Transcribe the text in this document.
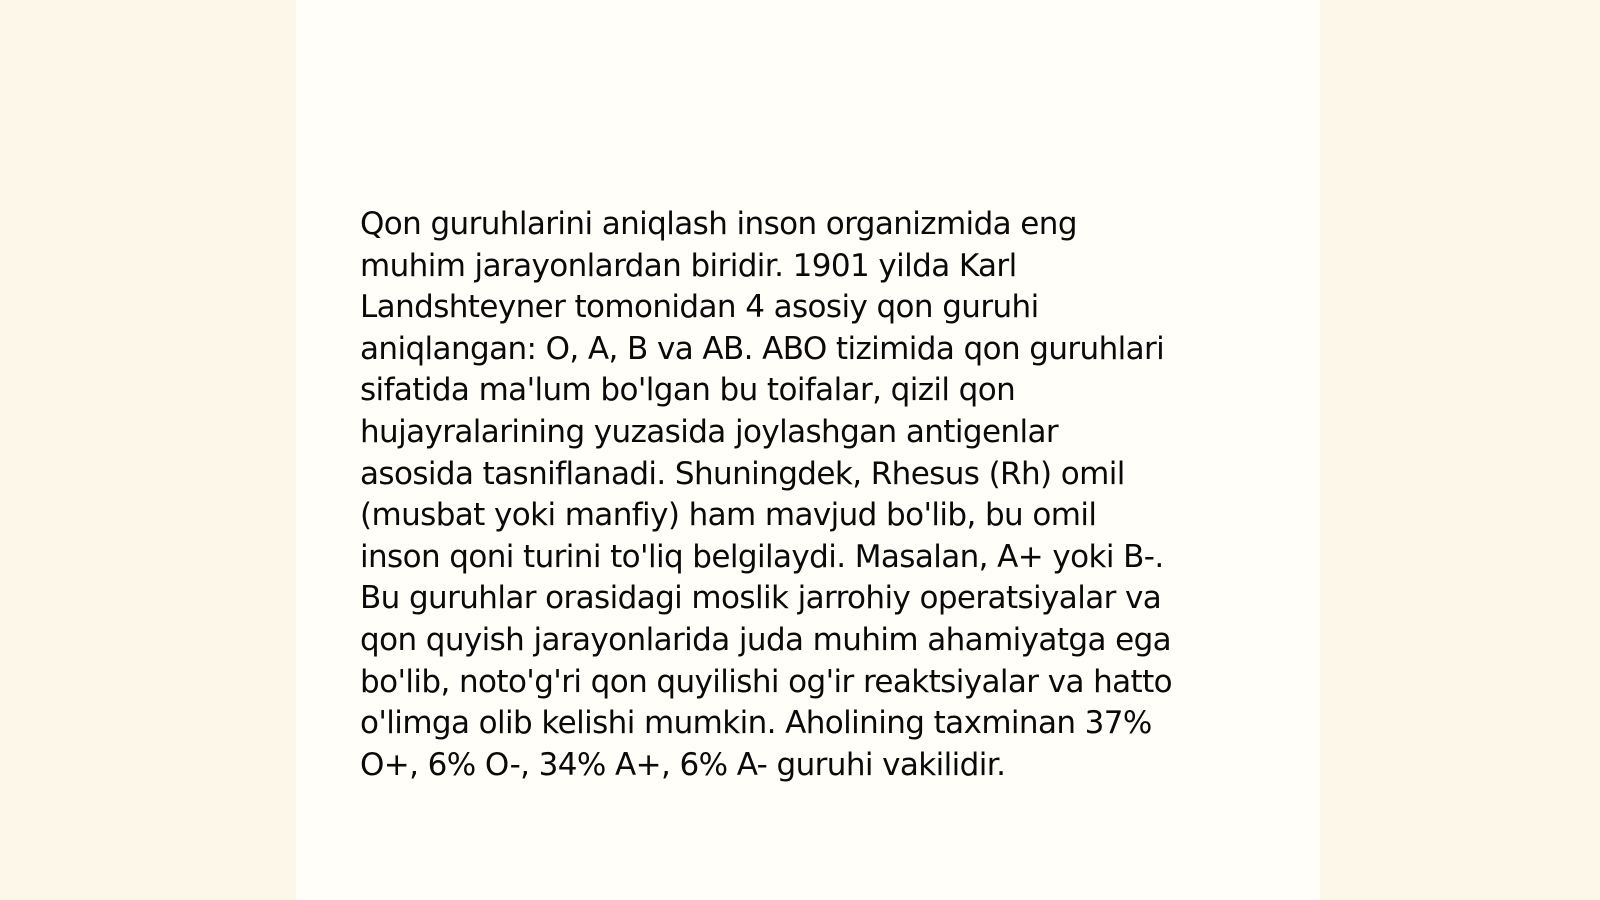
Qon guruhlarini aniqlash inson organizmida eng
muhim jarayonlardan biridir. 1901 yilda Karl
Landshteyner tomonidan 4 asosiy qon guruhi
aniqlangan: O, A, B va AB. ABO tizimida qon guruhlari
sifatida ma'lum bo'lgan bu toifalar, qizil qon
hujayralarining yuzasida joylashgan antigenlar
asosida tasniflanadi. Shuningdek, Rhesus (Rh) omil
(musbat yoki manfiy) ham mavjud bo'lib, bu omil
inson qoni turini to'liq belgilaydi. Masalan, A+ yoki B-.
Bu guruhlar orasidagi moslik jarrohiy operatsiyalar va
qon quyish jarayonlarida juda muhim ahamiyatga ega
bo'lib, noto'g'ri qon quyilishi og'ir reaktsiyalar va hatto
o'limga olib kelishi mumkin. Aholining taxminan 37%
O+, 6% O-, 34% A+, 6% A- guruhi vakilidir.
